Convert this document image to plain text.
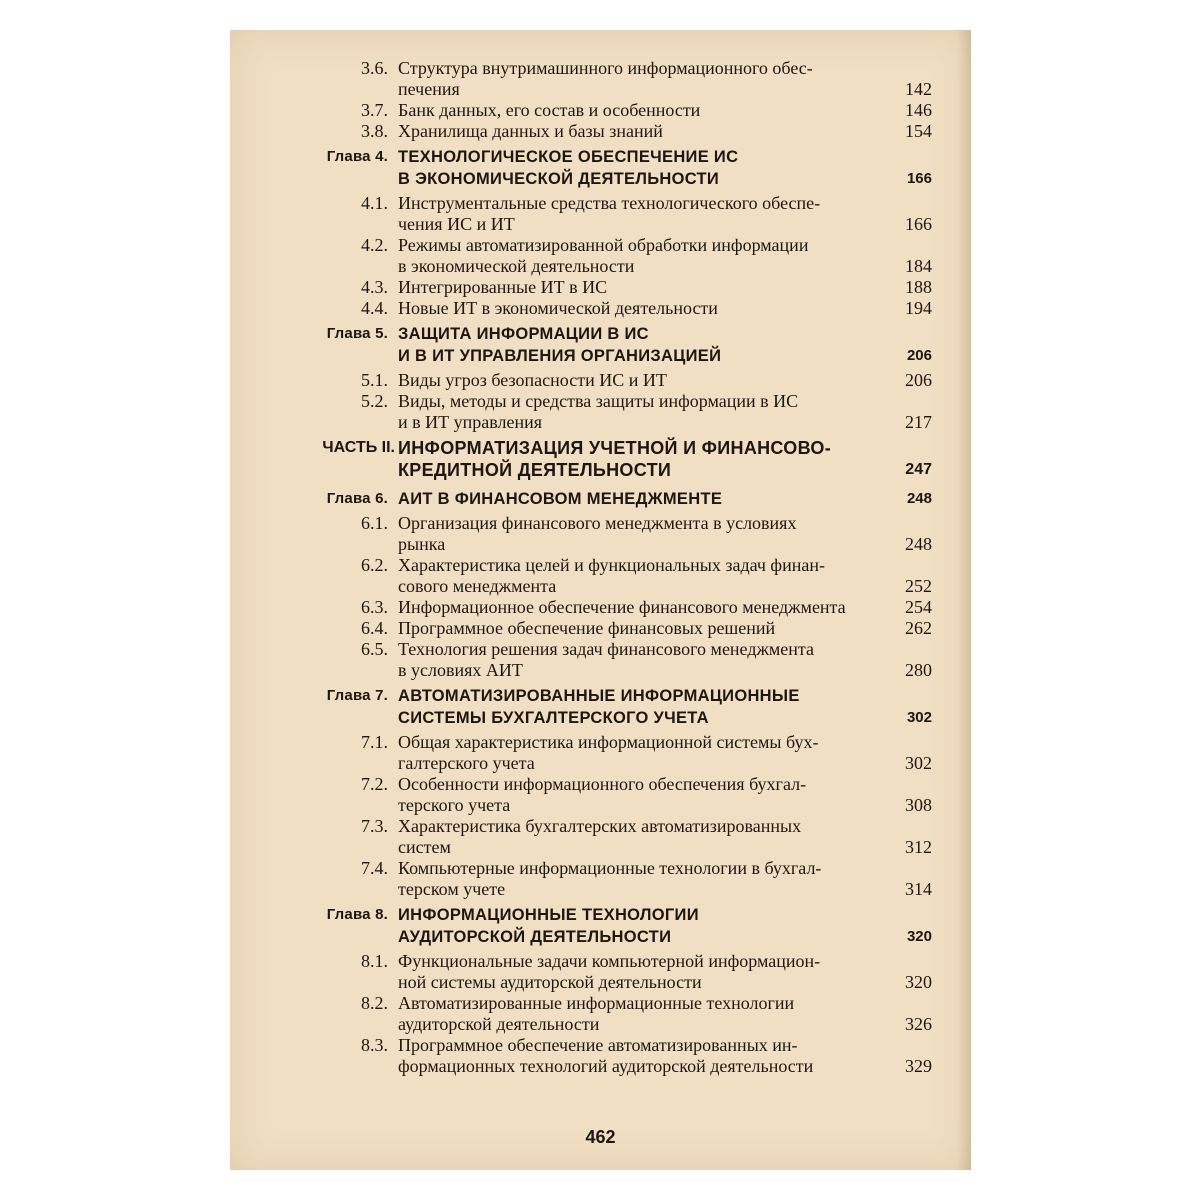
3.6. Структура внутримашинного информационного обес-
печения	142
3.7. Банк данных, его состав и особенности	146
3.8. Хранилища данных и базы знаний	154
Глава 4. ТЕХНОЛОГИЧЕСКОЕ ОБЕСПЕЧЕНИЕ ИС
В ЭКОНОМИЧЕСКОЙ ДЕЯТЕЛЬНОСТИ	166
4.1. Инструментальные средства технологического обеспе-
чения ИС и ИТ	166
4.2. Режимы автоматизированной обработки информации
в экономической деятельности	184
4.3. Интегрированные ИТ в ИС	188
4.4. Новые ИТ в экономической деятельности	194
Глава 5. ЗАЩИТА ИНФОРМАЦИИ В ИС
И В ИТ УПРАВЛЕНИЯ ОРГАНИЗАЦИЕЙ	206
5.1. Виды угроз безопасности ИС и ИТ	206
5.2. Виды, методы и средства защиты информации в ИС
и в ИТ управления	217
ЧАСТЬ II. ИНФОРМАТИЗАЦИЯ УЧЕТНОЙ И ФИНАНСОВО-
КРЕДИТНОЙ ДЕЯТЕЛЬНОСТИ	247
Глава 6. АИТ В ФИНАНСОВОМ МЕНЕДЖМЕНТЕ	248
6.1. Организация финансового менеджмента в условиях
рынка	248
6.2. Характеристика целей и функциональных задач финан-
сового менеджмента	252
6.3. Информационное обеспечение финансового менеджмента	254
6.4. Программное обеспечение финансовых решений	262
6.5. Технология решения задач финансового менеджмента
в условиях АИТ	280
Глава 7. АВТОМАТИЗИРОВАННЫЕ ИНФОРМАЦИОННЫЕ
СИСТЕМЫ БУХГАЛТЕРСКОГО УЧЕТА	302
7.1. Общая характеристика информационной системы бух-
галтерского учета	302
7.2. Особенности информационного обеспечения бухгал-
терского учета	308
7.3. Характеристика бухгалтерских автоматизированных
систем	312
7.4. Компьютерные информационные технологии в бухгал-
терском учете	314
Глава 8. ИНФОРМАЦИОННЫЕ ТЕХНОЛОГИИ
АУДИТОРСКОЙ ДЕЯТЕЛЬНОСТИ	320
8.1. Функциональные задачи компьютерной информацион-
ной системы аудиторской деятельности	320
8.2. Автоматизированные информационные технологии
аудиторской деятельности	326
8.3. Программное обеспечение автоматизированных ин-
формационных технологий аудиторской деятельности	329
462
